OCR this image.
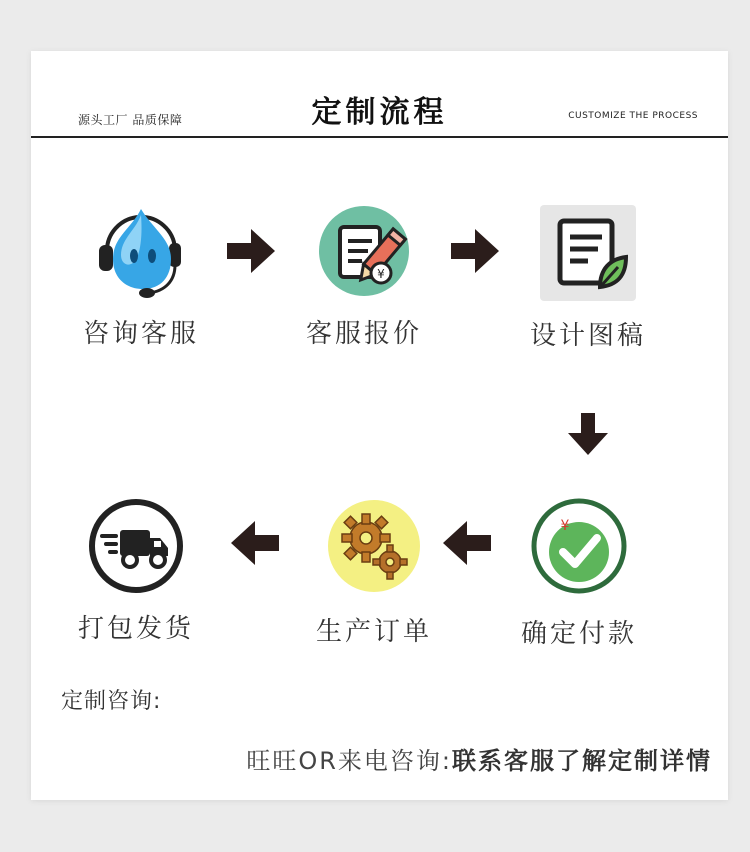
源头工厂 品质保障	定制流程	CUSTOMIZE THE PROCESS
咨询客服
¥
客服报价	设计图稿
¥
确定付款
生产订单
打包发货
定制咨询:
旺旺OR来电咨询:联系客服了解定制详情
